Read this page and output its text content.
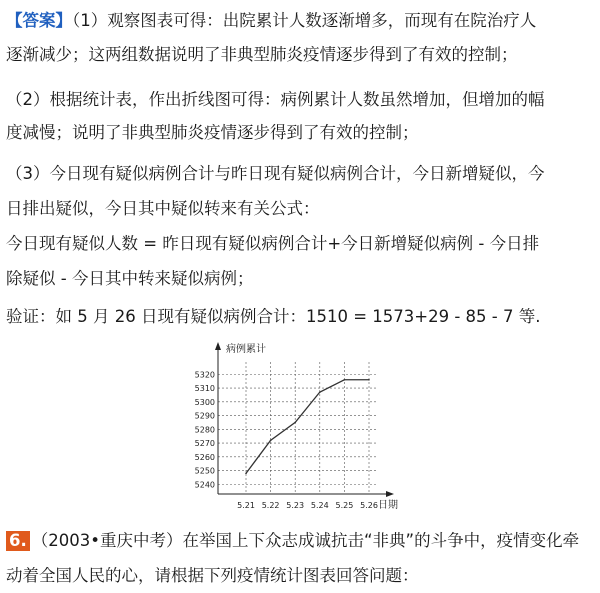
【答案】（1）观察图表可得：出院累计人数逐渐增多，而现有在院治疗人
逐渐减少；这两组数据说明了非典型肺炎疫情逐步得到了有效的控制；
（2）根据统计表，作出折线图可得：病例累计人数虽然增加，但增加的幅
度减慢；说明了非典型肺炎疫情逐步得到了有效的控制；
（3）今日现有疑似病例合计与昨日现有疑似病例合计，今日新增疑似，今
日排出疑似，今日其中疑似转来有关公式：
今日现有疑似人数 = 昨日现有疑似病例合计+今日新增疑似病例 - 今日排
除疑似 - 今日其中转来疑似病例；
验证：如 5 月 26 日现有疑似病例合计：1510 = 1573+29 - 85 - 7 等.
5240
5250
5260
5270
5280
5290
5300
5310
5320
5.21 5.22 5.23 5.24 5.25 5.26
病例累计
日期
6. （2003•重庆中考）在举国上下众志成诚抗击“非典”的斗争中，疫情变化牵
动着全国人民的心，请根据下列疫情统计图表回答问题：
